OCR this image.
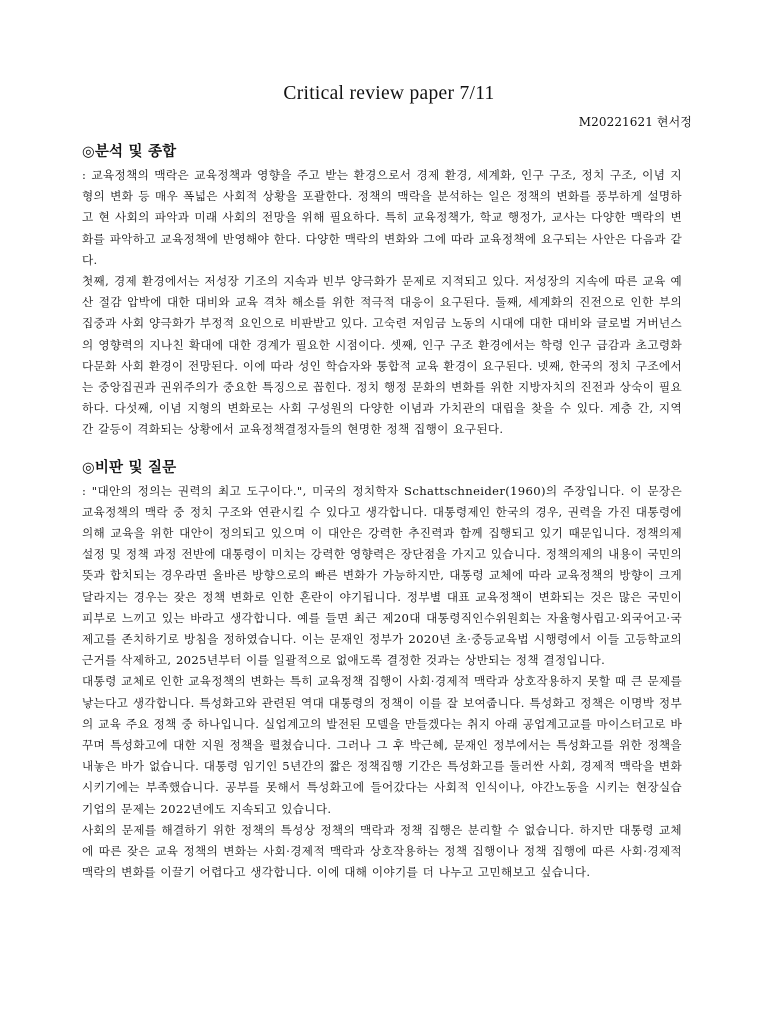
Critical review paper 7/11
M20221621 현서정
◎분석 및 종합

: 교육정책의 맥락은 교육정책과 영향을 주고 받는 환경으로서 경제 환경, 세계화, 인구 구조, 정치 구조, 이념 지형의 변화 등 매우 폭넓은 사회적 상황을 포괄한다. 정책의 맥락을 분석하는 일은 정책의 변화를 풍부하게 설명하고 현 사회의 파악과 미래 사회의 전망을 위해 필요하다. 특히 교육정책가, 학교 행정가, 교사는 다양한 맥락의 변화를 파악하고 교육정책에 반영해야 한다. 다양한 맥락의 변화와 그에 따라 교육정책에 요구되는 사안은 다음과 같다.

첫째, 경제 환경에서는 저성장 기조의 지속과 빈부 양극화가 문제로 지적되고 있다. 저성장의 지속에 따른 교육 예산 절감 압박에 대한 대비와 교육 격차 해소를 위한 적극적 대응이 요구된다. 둘째, 세계화의 진전으로 인한 부의 집중과 사회 양극화가 부정적 요인으로 비판받고 있다. 고숙련 저임금 노동의 시대에 대한 대비와 글로벌 거버넌스의 영향력의 지나친 확대에 대한 경계가 필요한 시점이다. 셋째, 인구 구조 환경에서는 학령 인구 급감과 초고령화 다문화 사회 환경이 전망된다. 이에 따라 성인 학습자와 통합적 교육 환경이 요구된다. 넷째, 한국의 정치 구조에서는 중앙집권과 권위주의가 중요한 특징으로 꼽힌다. 정치 행정 문화의 변화를 위한 지방자치의 진전과 상숙이 필요하다. 다섯째, 이념 지형의 변화로는 사회 구성원의 다양한 이념과 가치관의 대립을 찾을 수 있다. 계층 간, 지역 간 갈등이 격화되는 상황에서 교육정책결정자들의 현명한 정책 집행이 요구된다.

◎비판 및 질문

: "대안의 정의는 권력의 최고 도구이다.", 미국의 정치학자 Schattschneider(1960)의 주장입니다. 이 문장은 교육정책의 맥락 중 정치 구조와 연관시킬 수 있다고 생각합니다. 대통령제인 한국의 경우, 권력을 가진 대통령에 의해 교육을 위한 대안이 정의되고 있으며 이 대안은 강력한 추진력과 함께 집행되고 있기 때문입니다. 정책의제 설정 및 정책 과정 전반에 대통령이 미치는 강력한 영향력은 장단점을 가지고 있습니다. 정책의제의 내용이 국민의 뜻과 합치되는 경우라면 올바른 방향으로의 빠른 변화가 가능하지만, 대통령 교체에 따라 교육정책의 방향이 크게 달라지는 경우는 잦은 정책 변화로 인한 혼란이 야기됩니다. 정부별 대표 교육정책이 변화되는 것은 많은 국민이 피부로 느끼고 있는 바라고 생각합니다. 예를 들면 최근 제20대 대통령직인수위원회는 자율형사립고·외국어고·국제고를 존치하기로 방침을 정하였습니다. 이는 문재인 정부가 2020년 초·중등교육법 시행령에서 이들 고등학교의 근거를 삭제하고, 2025년부터 이를 일괄적으로 없애도록 결정한 것과는 상반되는 정책 결정입니다.

대통령 교체로 인한 교육정책의 변화는 특히 교육정책 집행이 사회·경제적 맥락과 상호작용하지 못할 때 큰 문제를 낳는다고 생각합니다. 특성화고와 관련된 역대 대통령의 정책이 이를 잘 보여줍니다. 특성화고 정책은 이명박 정부의 교육 주요 정책 중 하나입니다. 실업계고의 발전된 모델을 만들겠다는 취지 아래 공업계고교를 마이스터고로 바꾸며 특성화고에 대한 지원 정책을 펼쳤습니다. 그러나 그 후 박근혜, 문재인 정부에서는 특성화고를 위한 정책을 내놓은 바가 없습니다. 대통령 임기인 5년간의 짧은 정책집행 기간은 특성화고를 둘러싼 사회, 경제적 맥락을 변화시키기에는 부족했습니다. 공부를 못해서 특성화고에 들어갔다는 사회적 인식이나, 야간노동을 시키는 현장실습 기업의 문제는 2022년에도 지속되고 있습니다.

사회의 문제를 해결하기 위한 정책의 특성상 정책의 맥락과 정책 집행은 분리할 수 없습니다. 하지만 대통령 교체에 따른 잦은 교육 정책의 변화는 사회·경제적 맥락과 상호작용하는 정책 집행이나 정책 집행에 따른 사회·경제적 맥락의 변화를 이끌기 어렵다고 생각합니다. 이에 대해 이야기를 더 나누고 고민해보고 싶습니다.
